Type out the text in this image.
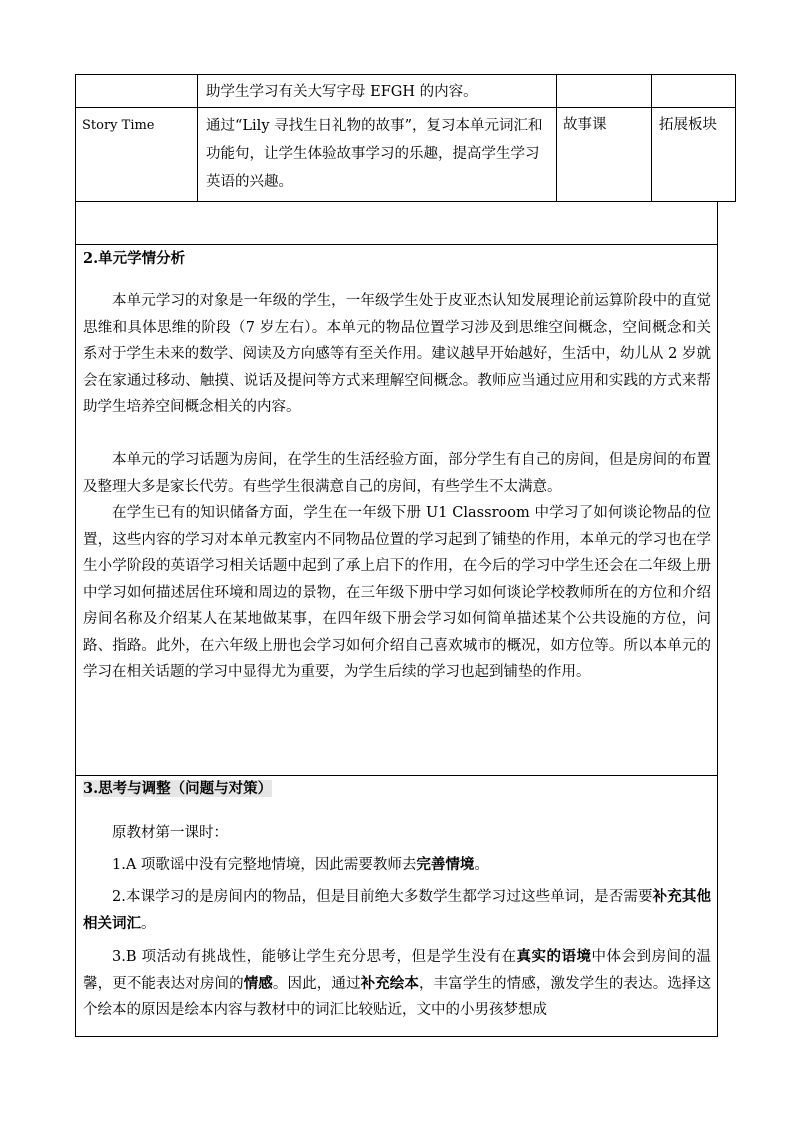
助学生学习有关大写字母 EFGH 的内容。
Story Time	通过“Lily 寻找生日礼物的故事”，复习本单元词汇和功能句，让学生体验故事学习的乐趣，提高学生学习英语的兴趣。
故事课	拓展板块
2.单元学情分析
本单元学习的对象是一年级的学生，一年级学生处于皮亚杰认知发展理论前运算阶段中的直觉思维和具体思维的阶段（7 岁左右）。本单元的物品位置学习涉及到思维空间概念，空间概念和关系对于学生未来的数学、阅读及方向感等有至关作用。建议越早开始越好，生活中，幼儿从 2 岁就会在家通过移动、触摸、说话及提问等方式来理解空间概念。教师应当通过应用和实践的方式来帮助学生培养空间概念相关的内容。
本单元的学习话题为房间，在学生的生活经验方面，部分学生有自己的房间，但是房间的布置及整理大多是家长代劳。有些学生很满意自己的房间，有些学生不太满意。
在学生已有的知识储备方面，学生在一年级下册 U1 Classroom 中学习了如何谈论物品的位置，这些内容的学习对本单元教室内不同物品位置的学习起到了铺垫的作用，本单元的学习也在学生小学阶段的英语学习相关话题中起到了承上启下的作用，在今后的学习中学生还会在二年级上册中学习如何描述居住环境和周边的景物，在三年级下册中学习如何谈论学校教师所在的方位和介绍房间名称及介绍某人在某地做某事，在四年级下册会学习如何简单描述某个公共设施的方位，问路、指路。此外，在六年级上册也会学习如何介绍自己喜欢城市的概况，如方位等。所以本单元的学习在相关话题的学习中显得尤为重要，为学生后续的学习也起到铺垫的作用。
3.思考与调整（问题与对策）
原教材第一课时：
1.A 项歌谣中没有完整地情境，因此需要教师去完善情境。
2.本课学习的是房间内的物品，但是目前绝大多数学生都学习过这些单词，是否需要补充其他相关词汇。
3.B 项活动有挑战性，能够让学生充分思考，但是学生没有在真实的语境中体会到房间的温馨，更不能表达对房间的情感。因此，通过补充绘本，丰富学生的情感，激发学生的表达。选择这个绘本的原因是绘本内容与教材中的词汇比较贴近，文中的小男孩梦想成
